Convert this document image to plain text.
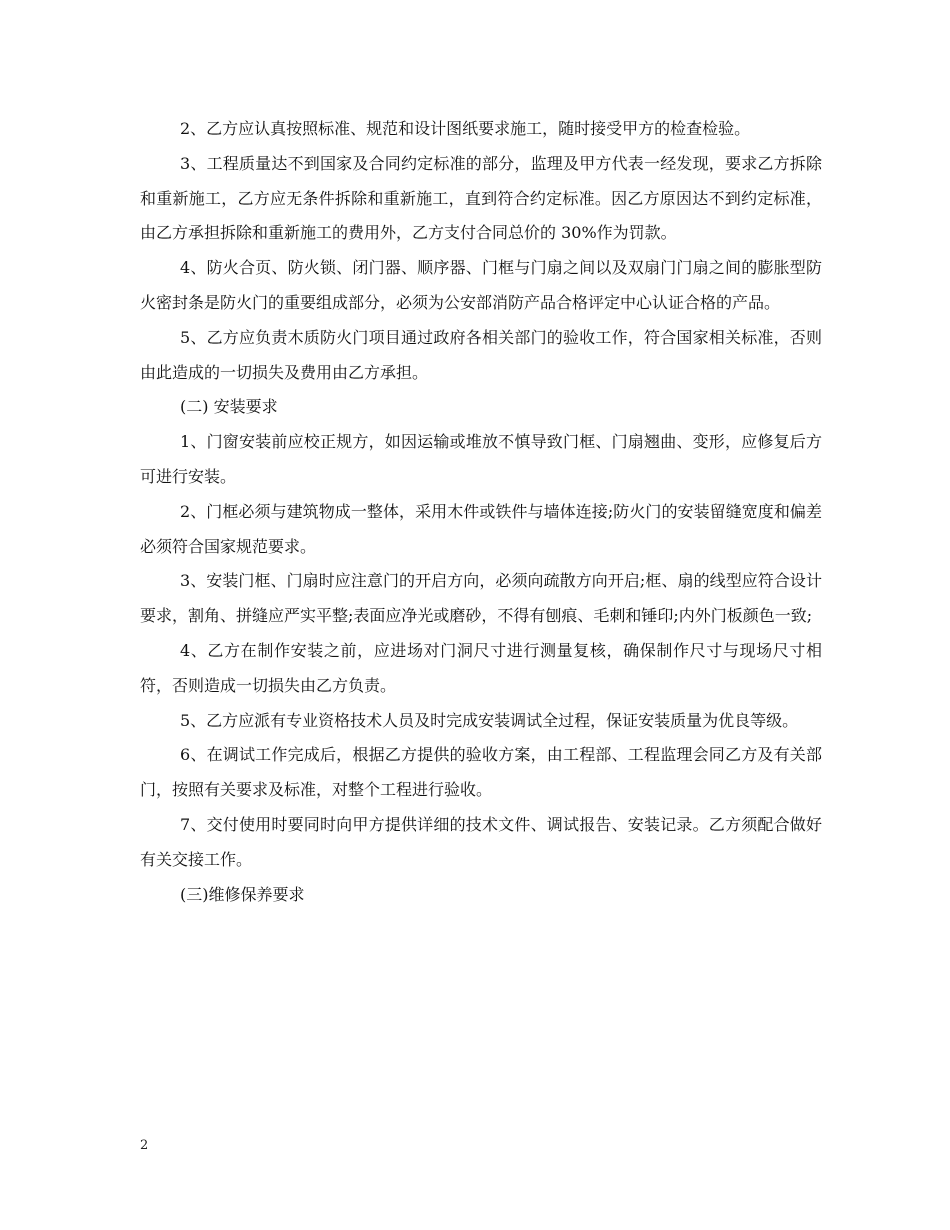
2、乙方应认真按照标准、规范和设计图纸要求施工，随时接受甲方的检查检验。

3、工程质量达不到国家及合同约定标准的部分，监理及甲方代表一经发现，要求乙方拆除和重新施工，乙方应无条件拆除和重新施工，直到符合约定标准。因乙方原因达不到约定标准，由乙方承担拆除和重新施工的费用外，乙方支付合同总价的 30%作为罚款。

4、防火合页、防火锁、闭门器、顺序器、门框与门扇之间以及双扇门门扇之间的膨胀型防火密封条是防火门的重要组成部分，必须为公安部消防产品合格评定中心认证合格的产品。

5、乙方应负责木质防火门项目通过政府各相关部门的验收工作，符合国家相关标准，否则由此造成的一切损失及费用由乙方承担。

(二) 安装要求

1、门窗安装前应校正规方，如因运输或堆放不慎导致门框、门扇翘曲、变形，应修复后方可进行安装。

2、门框必须与建筑物成一整体，采用木件或铁件与墙体连接;防火门的安装留缝宽度和偏差必须符合国家规范要求。

3、安装门框、门扇时应注意门的开启方向，必须向疏散方向开启;框、扇的线型应符合设计要求，割角、拼缝应严实平整;表面应净光或磨砂，不得有刨痕、毛刺和锤印;内外门板颜色一致;

4、乙方在制作安装之前，应进场对门洞尺寸进行测量复核，确保制作尺寸与现场尺寸相符，否则造成一切损失由乙方负责。

5、乙方应派有专业资格技术人员及时完成安装调试全过程，保证安装质量为优良等级。

6、在调试工作完成后，根据乙方提供的验收方案，由工程部、工程监理会同乙方及有关部门，按照有关要求及标准，对整个工程进行验收。

7、交付使用时要同时向甲方提供详细的技术文件、调试报告、安装记录。乙方须配合做好有关交接工作。

(三)维修保养要求

2
